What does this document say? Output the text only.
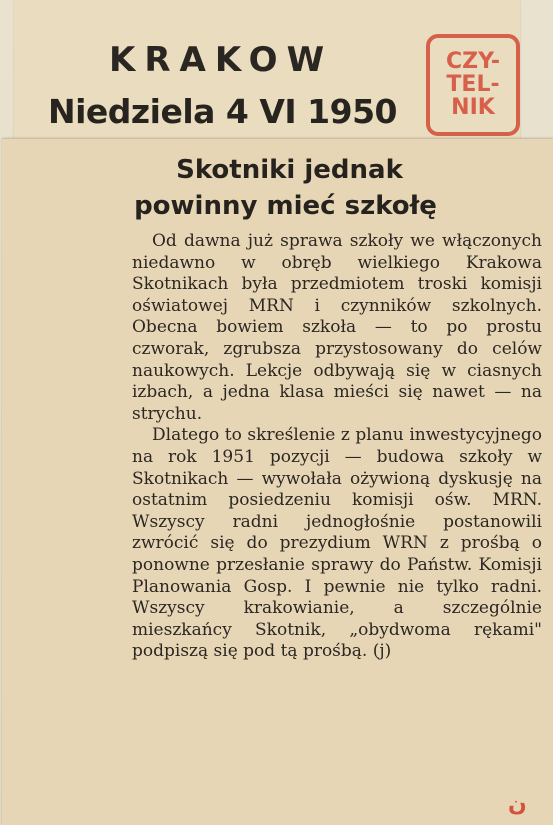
KRAKOW
Niedziela 4 VI 1950
CZY-
TEL-
NIK
Skotniki jednak
powinny mieć szkołę

Od dawna już sprawa szkoły we włączonych niedawno w obręb wielkiego Krakowa Skotnikach była przedmiotem troski komisji oświatowej MRN i czynników szkolnych. Obecna bowiem szkoła — to po prostu czworak, zgrubsza przystosowany do celów naukowych. Lekcje odbywają się w ciasnych izbach, a jedna klasa mieści się nawet — na strychu.

Dlatego to skreślenie z planu inwestycyjnego na rok 1951 pozycji — budowa szkoły w Skotnikach — wywołała ożywioną dyskusję na ostatnim posiedzeniu komisji ośw. MRN. Wszyscy radni jednogłośnie postanowili zwrócić się do prezydium WRN z prośbą o ponowne przesłanie sprawy do Państw. Komisji Planowania Gosp. I pewnie nie tylko radni. Wszyscy krakowianie, a szczególnie mieszkańcy Skotnik, „obydwoma rękami" podpiszą się pod tą prośbą. (j)

ن
